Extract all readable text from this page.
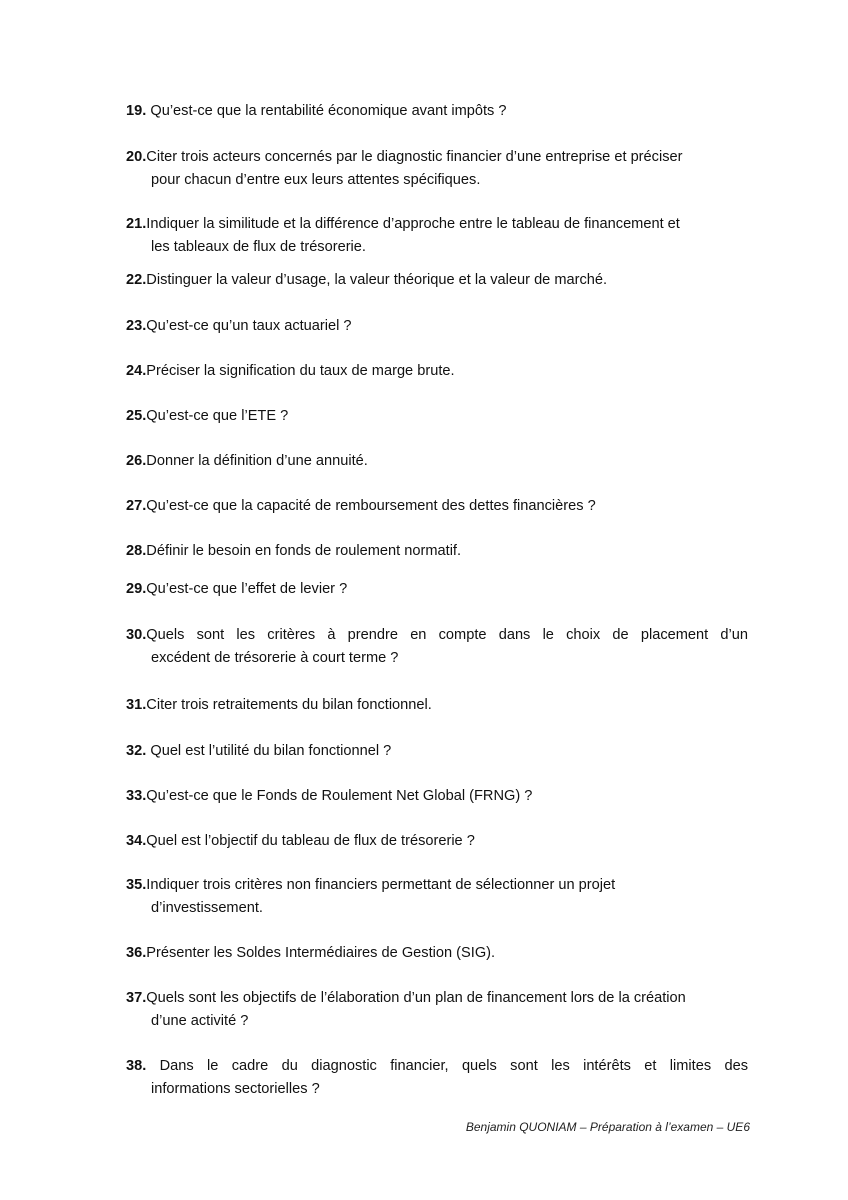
19. Qu’est-ce que la rentabilité économique avant impôts ?
20.Citer trois acteurs concernés par le diagnostic financier d’une entreprise et préciser
pour chacun d’entre eux leurs attentes spécifiques.
21.Indiquer la similitude et la différence d’approche entre le tableau de financement et
les tableaux de flux de trésorerie.
22.Distinguer la valeur d’usage, la valeur théorique et la valeur de marché.
23.Qu’est-ce qu’un taux actuariel ?
24.Préciser la signification du taux de marge brute.
25.Qu’est-ce que l’ETE ?
26.Donner la définition d’une annuité.
27.Qu’est-ce que la capacité de remboursement des dettes financières ?
28.Définir le besoin en fonds de roulement normatif.
29.Qu’est-ce que l’effet de levier ?
30.Quels sont les critères à prendre en compte dans le choix de placement d’un
excédent de trésorerie à court terme ?
31.Citer trois retraitements du bilan fonctionnel.
32. Quel est l’utilité du bilan fonctionnel ?
33.Qu’est-ce que le Fonds de Roulement Net Global (FRNG) ?
34.Quel est l’objectif du tableau de flux de trésorerie ?
35.Indiquer trois critères non financiers permettant de sélectionner un projet
d’investissement.
36.Présenter les Soldes Intermédiaires de Gestion (SIG).
37.Quels sont les objectifs de l’élaboration d’un plan de financement lors de la création
d’une activité ?
38. Dans le cadre du diagnostic financier, quels sont les intérêts et limites des
informations sectorielles ?
Benjamin QUONIAM – Préparation à l’examen – UE6
